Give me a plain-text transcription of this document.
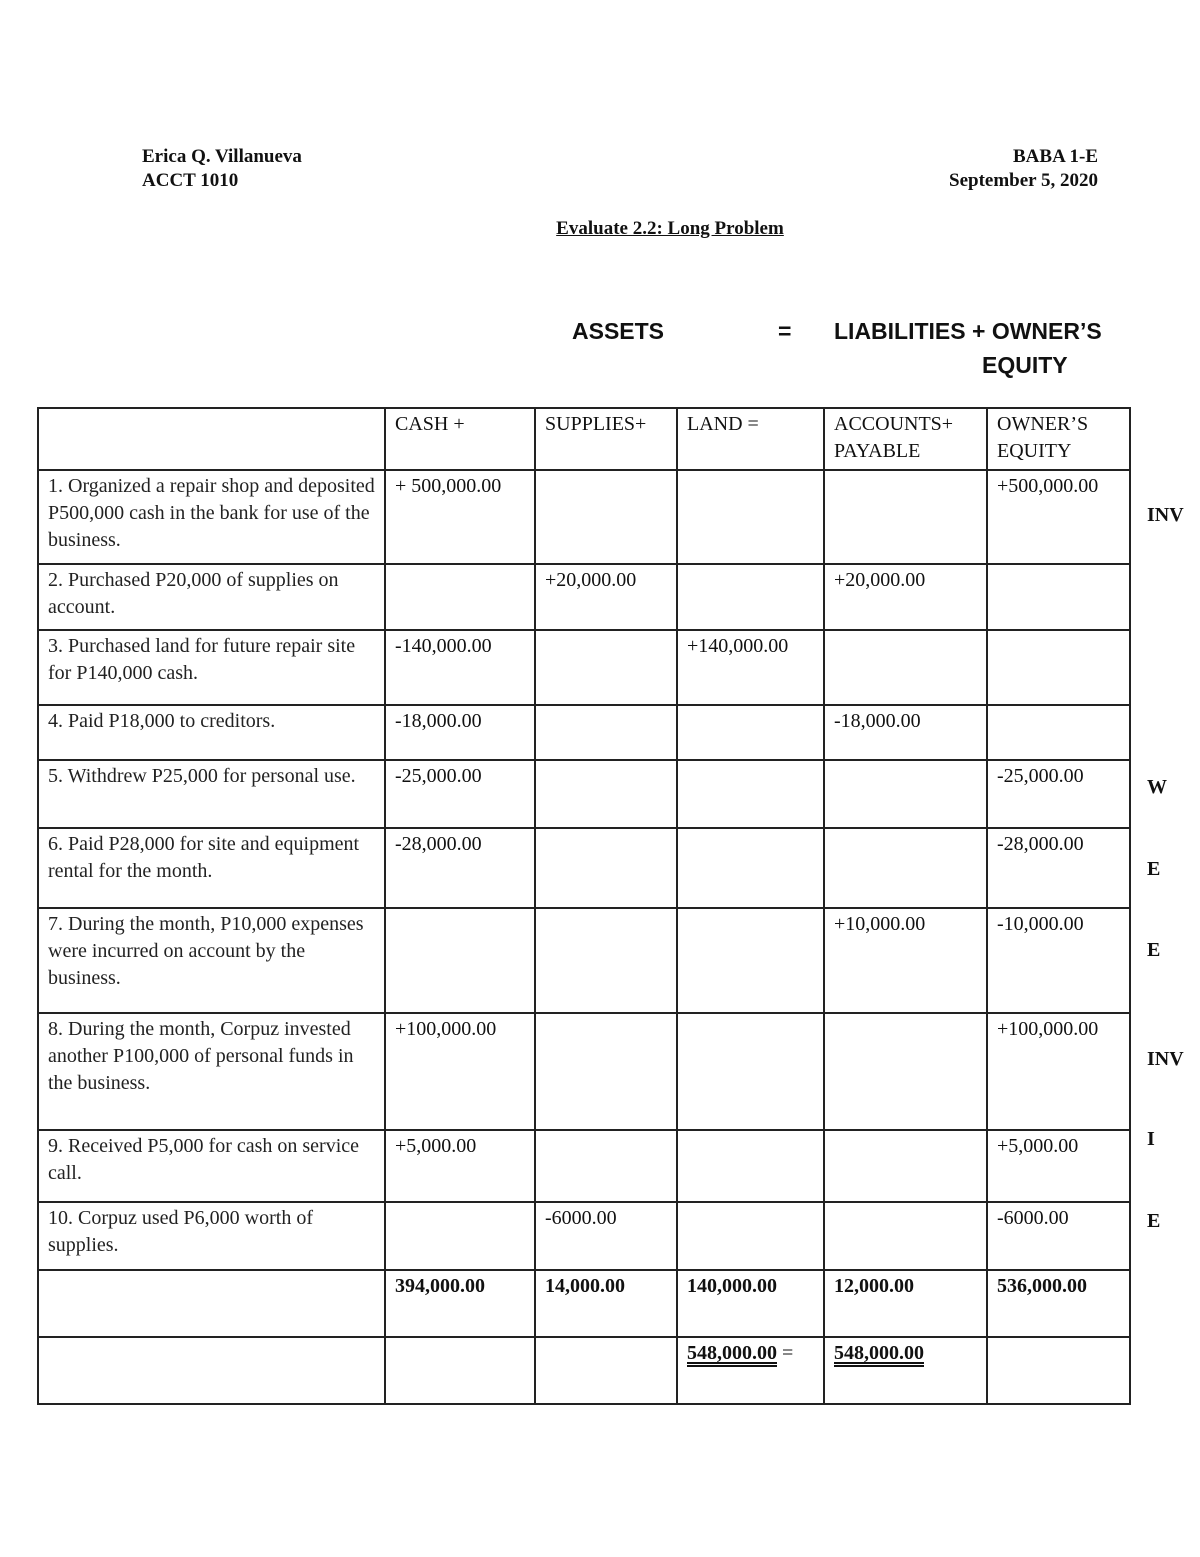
Erica Q. Villanueva
ACCT 1010
BABA 1-E
September 5, 2020
Evaluate 2.2: Long Problem
ASSETS	= LIABILITIES + OWNER’S
EQUITY
	CASH +	SUPPLIES+	LAND =	ACCOUNTS+ PAYABLE	OWNER’S EQUITY
1. Organized a repair shop and deposited P500,000 cash in the bank for use of the business.	+ 500,000.00				+500,000.00
2. Purchased P20,000 of supplies on account.		+20,000.00		+20,000.00	
3. Purchased land for future repair site for P140,000 cash.	-140,000.00		+140,000.00		
4. Paid P18,000 to creditors.	-18,000.00			-18,000.00	
5. Withdrew P25,000 for personal use.	-25,000.00				-25,000.00
6. Paid P28,000 for site and equipment rental for the month.	-28,000.00				-28,000.00
7. During the month, P10,000 expenses were incurred on account by the business.				+10,000.00	-10,000.00
8. During the month, Corpuz invested another P100,000 of personal funds in the business.	+100,000.00				+100,000.00
9. Received P5,000 for cash on service call.	+5,000.00				+5,000.00
10. Corpuz used P6,000 worth of supplies.		-6000.00			-6000.00
	394,000.00	14,000.00	140,000.00	12,000.00	536,000.00
			548,000.00 =	548,000.00	
INV
W
E
E
INV
I
E
